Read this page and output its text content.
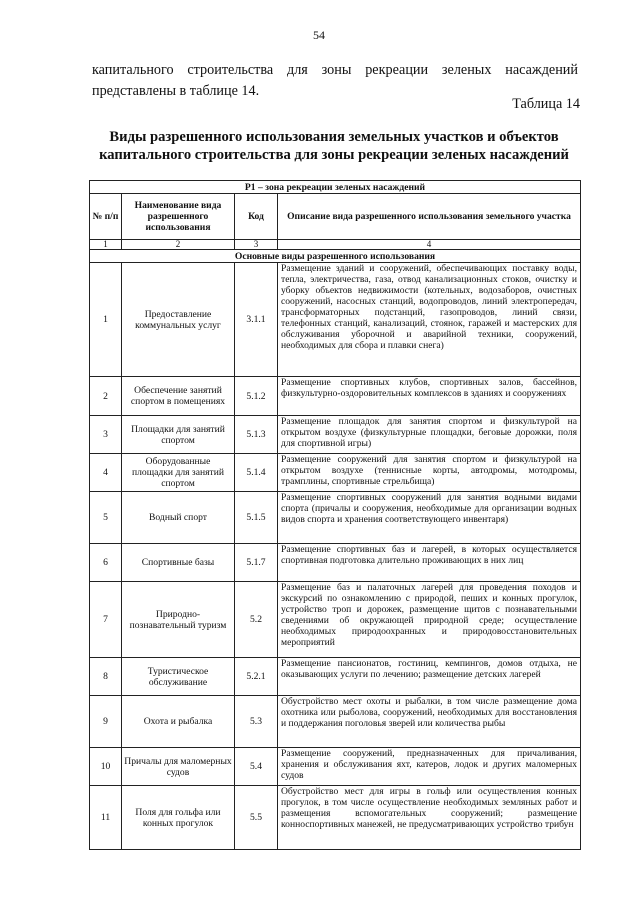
54
капитального строительства для зоны рекреации зеленых насаждений представлены в таблице 14.
Таблица 14
Виды разрешенного использования земельных участков и объектов капитального строительства для зоны рекреации зеленых насаждений
Р1 – зона рекреации зеленых насаждений			
№ п/п	Наименование вида разрешенного использования	Код	Описание вида разрешенного использования земельного участка
1	2	3	4
Основные виды разрешенного использования			
1	Предоставление коммунальных услуг	3.1.1	Размещение зданий и сооружений, обеспечивающих поставку воды, тепла, электричества, газа, отвод канализационных стоков, очистку и уборку объектов недвижимости (котельных, водозаборов, очистных сооружений, насосных станций, водопроводов, линий электропередач, трансформаторных подстанций, газопроводов, линий связи, телефонных станций, канализаций, стоянок, гаражей и мастерских для обслуживания уборочной и аварийной техники, сооружений, необходимых для сбора и плавки снега)
2	Обеспечение занятий спортом в помещениях	5.1.2	Размещение спортивных клубов, спортивных залов, бассейнов, физкультурно-оздоровительных комплексов в зданиях и сооружениях
3	Площадки для занятий спортом	5.1.3	Размещение площадок для занятия спортом и физкультурой на открытом воздухе (физкультурные площадки, беговые дорожки, поля для спортивной игры)
4	Оборудованные площадки для занятий спортом	5.1.4	Размещение сооружений для занятия спортом и физкультурой на открытом воздухе (теннисные корты, автодромы, мотодромы, трамплины, спортивные стрельбища)
5	Водный спорт	5.1.5	Размещение спортивных сооружений для занятия водными видами спорта (причалы и сооружения, необходимые для организации водных видов спорта и хранения соответствующего инвентаря)
6	Спортивные базы	5.1.7	Размещение спортивных баз и лагерей, в которых осуществляется спортивная подготовка длительно проживающих в них лиц
7	Природно-познавательный туризм	5.2	Размещение баз и палаточных лагерей для проведения походов и экскурсий по ознакомлению с природой, пеших и конных прогулок, устройство троп и дорожек, размещение щитов с познавательными сведениями об окружающей природной среде; осуществление необходимых природоохранных и природовосстановительных мероприятий
8	Туристическое обслуживание	5.2.1	Размещение пансионатов, гостиниц, кемпингов, домов отдыха, не оказывающих услуги по лечению; размещение детских лагерей
9	Охота и рыбалка	5.3	Обустройство мест охоты и рыбалки, в том числе размещение дома охотника или рыболова, сооружений, необходимых для восстановления и поддержания поголовья зверей или количества рыбы
10	Причалы для маломерных судов	5.4	Размещение сооружений, предназначенных для причаливания, хранения и обслуживания яхт, катеров, лодок и других маломерных судов
11	Поля для гольфа или конных прогулок	5.5	Обустройство мест для игры в гольф или осуществления конных прогулок, в том числе осуществление необходимых земляных работ и размещения вспомогательных сооружений; размещение конноспортивных манежей, не предусматривающих устройство трибун
